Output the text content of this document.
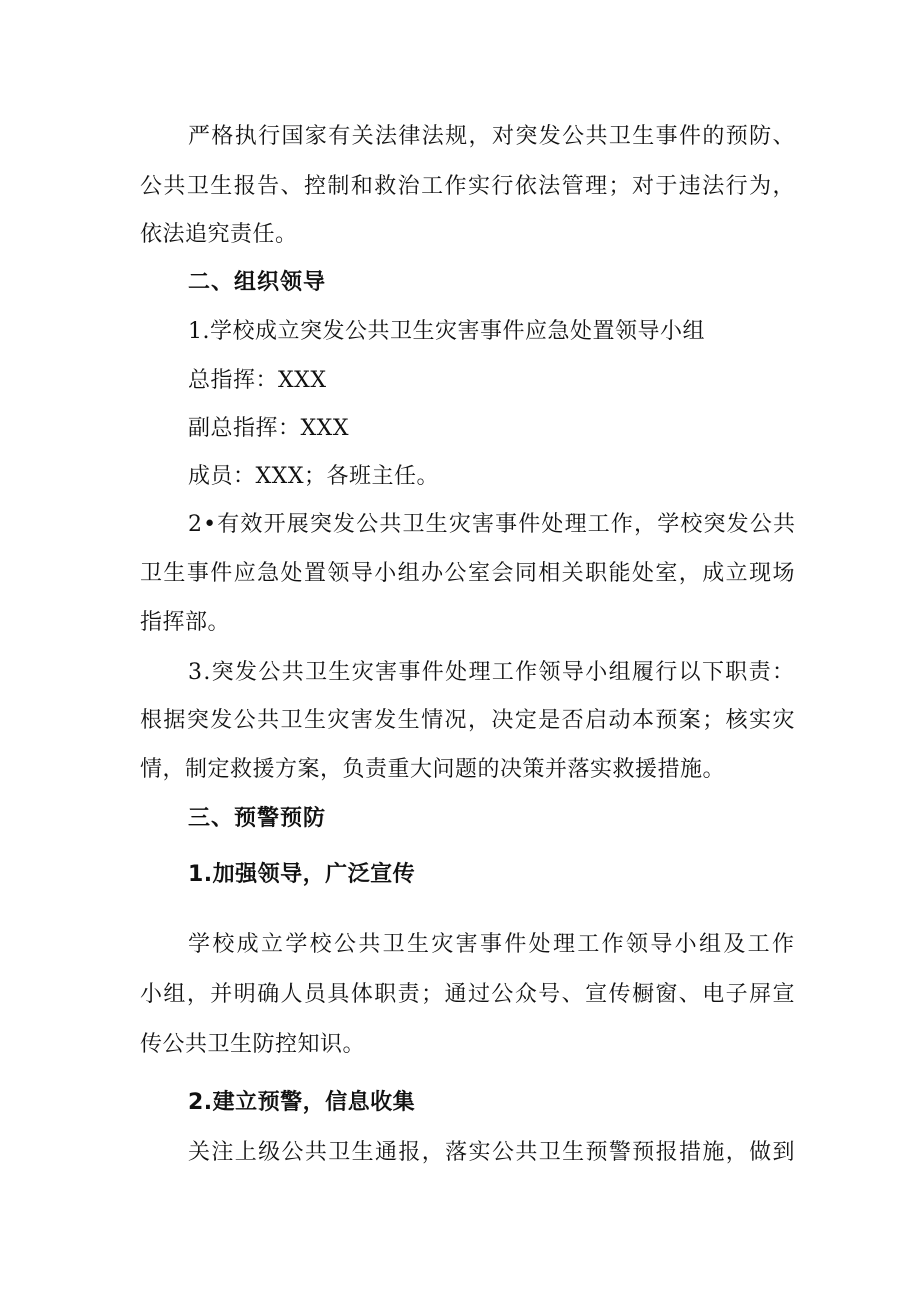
严格执行国家有关法律法规，对突发公共卫生事件的预防、
公共卫生报告、控制和救治工作实行依法管理；对于违法行为，
依法追究责任。
二、组织领导
1.学校成立突发公共卫生灾害事件应急处置领导小组
总指挥：XXX
副总指挥：XXX
成员：XXX；各班主任。
2•有效开展突发公共卫生灾害事件处理工作，学校突发公共
卫生事件应急处置领导小组办公室会同相关职能处室，成立现场
指挥部。
3.突发公共卫生灾害事件处理工作领导小组履行以下职责：
根据突发公共卫生灾害发生情况，决定是否启动本预案；核实灾
情，制定救援方案，负责重大问题的决策并落实救援措施。
三、预警预防
1.加强领导，广泛宣传
学校成立学校公共卫生灾害事件处理工作领导小组及工作
小组，并明确人员具体职责；通过公众号、宣传橱窗、电子屏宣
传公共卫生防控知识。
2.建立预警，信息收集
关注上级公共卫生通报，落实公共卫生预警预报措施，做到
